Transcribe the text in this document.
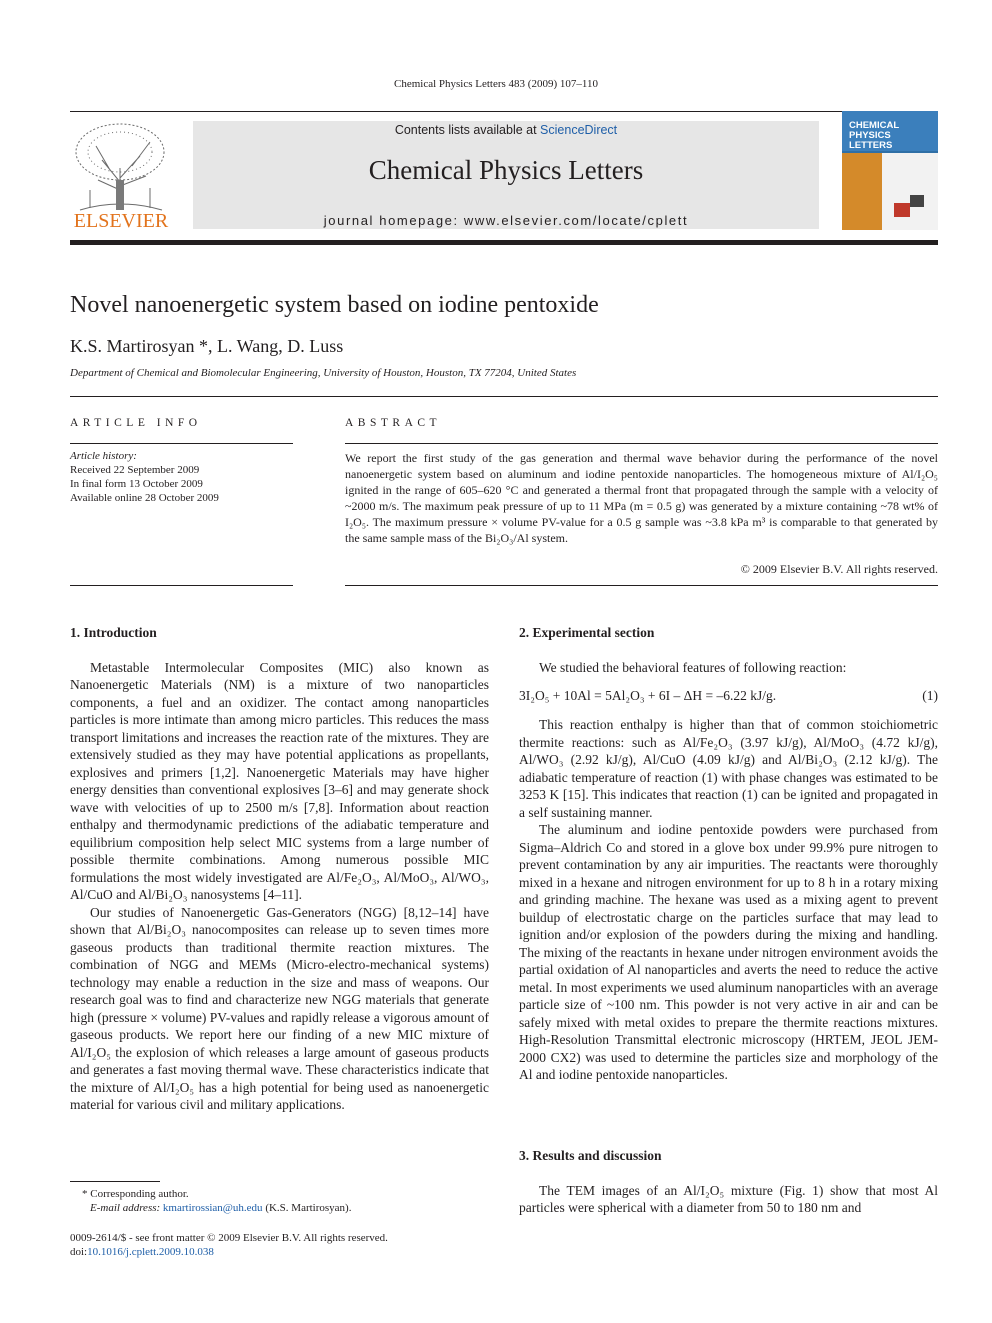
Chemical Physics Letters 483 (2009) 107–110
ELSEVIER
Contents lists available at ScienceDirect
Chemical Physics Letters
journal homepage: www.elsevier.com/locate/cplett
CHEMICAL PHYSICS LETTERS
Novel nanoenergetic system based on iodine pentoxide
K.S. Martirosyan *, L. Wang, D. Luss
Department of Chemical and Biomolecular Engineering, University of Houston, Houston, TX 77204, United States
ARTICLE INFO
Article history:
Received 22 September 2009
In final form 13 October 2009
Available online 28 October 2009
ABSTRACT
We report the first study of the gas generation and thermal wave behavior during the performance of the novel nanoenergetic system based on aluminum and iodine pentoxide nanoparticles. The homogeneous mixture of Al/I₂O₅ ignited in the range of 605–620 °C and generated a thermal front that propagated through the sample with a velocity of ~2000 m/s. The maximum peak pressure of up to 11 MPa (m = 0.5 g) was generated by a mixture containing ~78 wt% of I₂O₅. The maximum pressure × volume PV-value for a 0.5 g sample was ~3.8 kPa m³ is comparable to that generated by the same sample mass of the Bi₂O₃/Al system.
© 2009 Elsevier B.V. All rights reserved.
1. Introduction

Metastable Intermolecular Composites (MIC) also known as Nanoenergetic Materials (NM) is a mixture of two nanoparticles components, a fuel and an oxidizer. The contact among nanoparticles particles is more intimate than among micro particles. This reduces the mass transport limitations and increases the reaction rate of the mixtures. They are extensively studied as they may have potential applications as propellants, explosives and primers [1,2]. Nanoenergetic Materials may have higher energy densities than conventional explosives [3–6] and may generate shock wave with velocities of up to 2500 m/s [7,8]. Information about reaction enthalpy and thermodynamic predictions of the adiabatic temperature and equilibrium composition help select MIC systems from a large number of possible thermite combinations. Among numerous possible MIC formulations the most widely investigated are Al/Fe₂O₃, Al/MoO₃, Al/WO₃, Al/CuO and Al/Bi₂O₃ nanosystems [4–11].

Our studies of Nanoenergetic Gas-Generators (NGG) [8,12–14] have shown that Al/Bi₂O₃ nanocomposites can release up to seven times more gaseous products than traditional thermite reaction mixtures. The combination of NGG and MEMs (Micro-electro-mechanical systems) technology may enable a reduction in the size and mass of weapons. Our research goal was to find and characterize new NGG materials that generate high (pressure × volume) PV-values and rapidly release a vigorous amount of gaseous products. We report here our finding of a new MIC mixture of Al/I₂O₅ the explosion of which releases a large amount of gaseous products and generates a fast moving thermal wave. These characteristics indicate that the mixture of Al/I₂O₅ has a high potential for being used as nanoenergetic material for various civil and military applications.

2. Experimental section

We studied the behavioral features of following reaction:

3I₂O₅ + 10Al = 5Al₂O₃ + 6I – ΔH = –6.22 kJ/g.	(1)

This reaction enthalpy is higher than that of common stoichiometric thermite reactions: such as Al/Fe₂O₃ (3.97 kJ/g), Al/MoO₃ (4.72 kJ/g), Al/WO₃ (2.92 kJ/g), Al/CuO (4.09 kJ/g) and Al/Bi₂O₃ (2.12 kJ/g). The adiabatic temperature of reaction (1) with phase changes was estimated to be 3253 K [15]. This indicates that reaction (1) can be ignited and propagated in a self sustaining manner.

The aluminum and iodine pentoxide powders were purchased from Sigma–Aldrich Co and stored in a glove box under 99.9% pure nitrogen to prevent contamination by any air impurities. The reactants were thoroughly mixed in a hexane and nitrogen environment for up to 8 h in a rotary mixing and grinding machine. The hexane was used as a mixing agent to prevent buildup of electrostatic charge on the particles surface that may lead to ignition and/or explosion of the powders during the mixing and handling. The mixing of the reactants in hexane under nitrogen environment avoids the partial oxidation of Al nanoparticles and averts the need to reduce the active metal. In most experiments we used aluminum nanoparticles with an average particle size of ~100 nm. This powder is not very active in air and can be safely mixed with metal oxides to prepare the thermite reactions mixtures. High-Resolution Transmittal electronic microscopy (HRTEM, JEOL JEM-2000 CX2) was used to determine the particles size and morphology of the Al and iodine pentoxide nanoparticles.

3. Results and discussion

The TEM images of an Al/I₂O₅ mixture (Fig. 1) show that most Al particles were spherical with a diameter from 50 to 180 nm and

* Corresponding author.
E-mail address: kmartirossian@uh.edu (K.S. Martirosyan).
0009-2614/$ - see front matter © 2009 Elsevier B.V. All rights reserved.
doi:10.1016/j.cplett.2009.10.038
